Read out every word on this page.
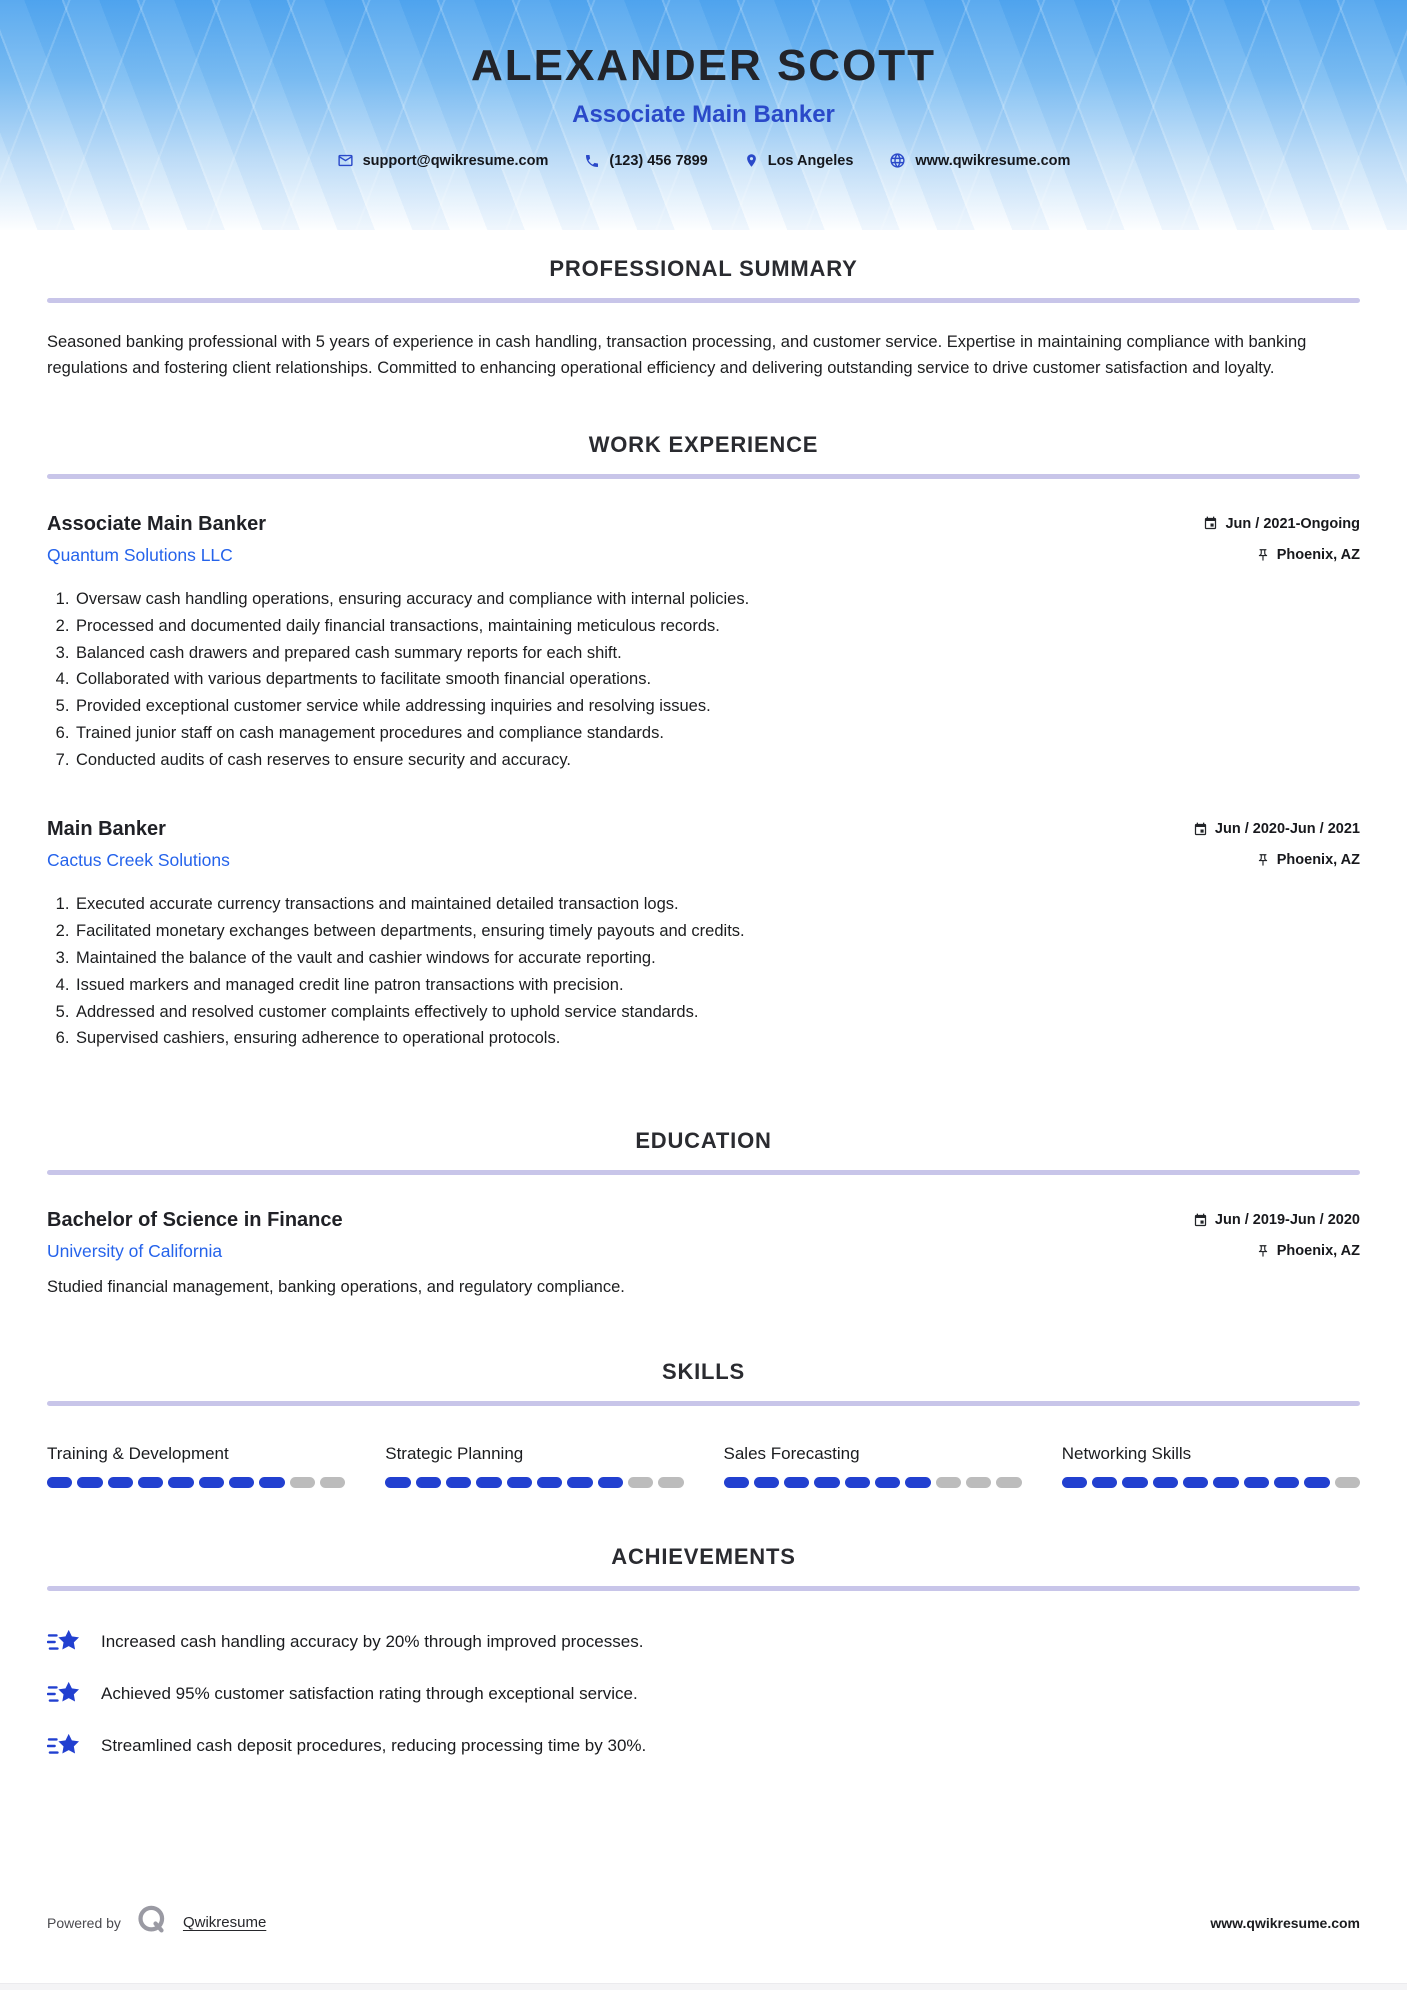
ALEXANDER SCOTT
Associate Main Banker
support@qwikresume.com	(123) 456 7899	Los Angeles	www.qwikresume.com
PROFESSIONAL SUMMARY

Seasoned banking professional with 5 years of experience in cash handling, transaction processing, and customer service. Expertise in maintaining compliance with banking regulations and fostering client relationships. Committed to enhancing operational efficiency and delivering outstanding service to drive customer satisfaction and loyalty.

WORK EXPERIENCE
Associate Main Banker
Quantum Solutions LLC
Jun / 2021-Ongoing
Phoenix, AZ
1. Oversaw cash handling operations, ensuring accuracy and compliance with internal policies.
2. Processed and documented daily financial transactions, maintaining meticulous records.
3. Balanced cash drawers and prepared cash summary reports for each shift.
4. Collaborated with various departments to facilitate smooth financial operations.
5. Provided exceptional customer service while addressing inquiries and resolving issues.
6. Trained junior staff on cash management procedures and compliance standards.
7. Conducted audits of cash reserves to ensure security and accuracy.
Main Banker
Cactus Creek Solutions
Jun / 2020-Jun / 2021
Phoenix, AZ
1. Executed accurate currency transactions and maintained detailed transaction logs.
2. Facilitated monetary exchanges between departments, ensuring timely payouts and credits.
3. Maintained the balance of the vault and cashier windows for accurate reporting.
4. Issued markers and managed credit line patron transactions with precision.
5. Addressed and resolved customer complaints effectively to uphold service standards.
6. Supervised cashiers, ensuring adherence to operational protocols.
EDUCATION
Bachelor of Science in Finance
University of California
Jun / 2019-Jun / 2020
Phoenix, AZ

Studied financial management, banking operations, and regulatory compliance.

SKILLS
Training & Development	Strategic Planning	Sales Forecasting	Networking Skills
ACHIEVEMENTS
Increased cash handling accuracy by 20% through improved processes.
Achieved 95% customer satisfaction rating through exceptional service.
Streamlined cash deposit procedures, reducing processing time by 30%.
Powered by	Qwikresume	www.qwikresume.com
